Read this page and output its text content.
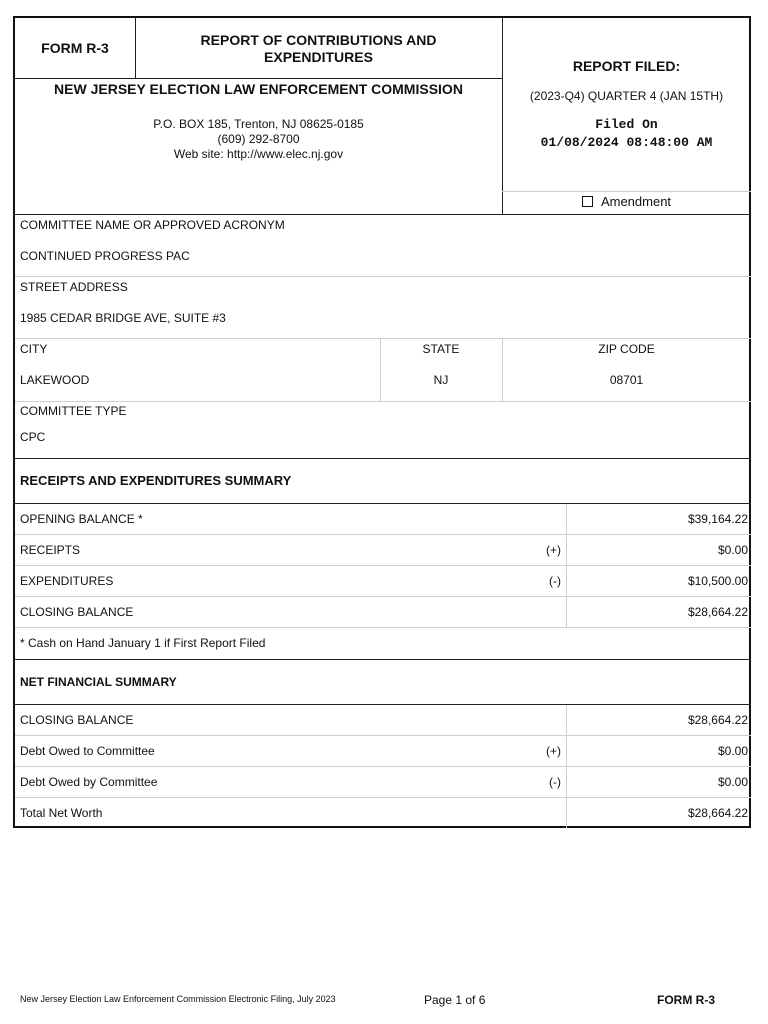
FORM R-3	REPORT OF CONTRIBUTIONS AND
EXPENDITURES
NEW JERSEY ELECTION LAW ENFORCEMENT COMMISSION
P.O. BOX 185, Trenton, NJ 08625-0185
(609) 292-8700
Web site: http://www.elec.nj.gov
REPORT FILED:
(2023-Q4) QUARTER 4 (JAN 15TH)
Filed On
01/08/2024 08:48:00 AM
Amendment
COMMITTEE NAME OR APPROVED ACRONYM
CONTINUED PROGRESS PAC
STREET ADDRESS
1985 CEDAR BRIDGE AVE, SUITE #3
CITY
LAKEWOOD
STATE
NJ
ZIP CODE
08701
COMMITTEE TYPE
CPC
RECEIPTS AND EXPENDITURES SUMMARY
OPENING BALANCE *	$39,164.22
RECEIPTS	(+)	$0.00
EXPENDITURES	(-)	$10,500.00
CLOSING BALANCE	$28,664.22
* Cash on Hand January 1 if First Report Filed
NET FINANCIAL SUMMARY
CLOSING BALANCE	$28,664.22
Debt Owed to Committee	(+)	$0.00
Debt Owed by Committee	(-)	$0.00
Total Net Worth	$28,664.22
New Jersey Election Law Enforcement Commission Electronic Filing, July 2023	Page 1 of 6	FORM R-3
